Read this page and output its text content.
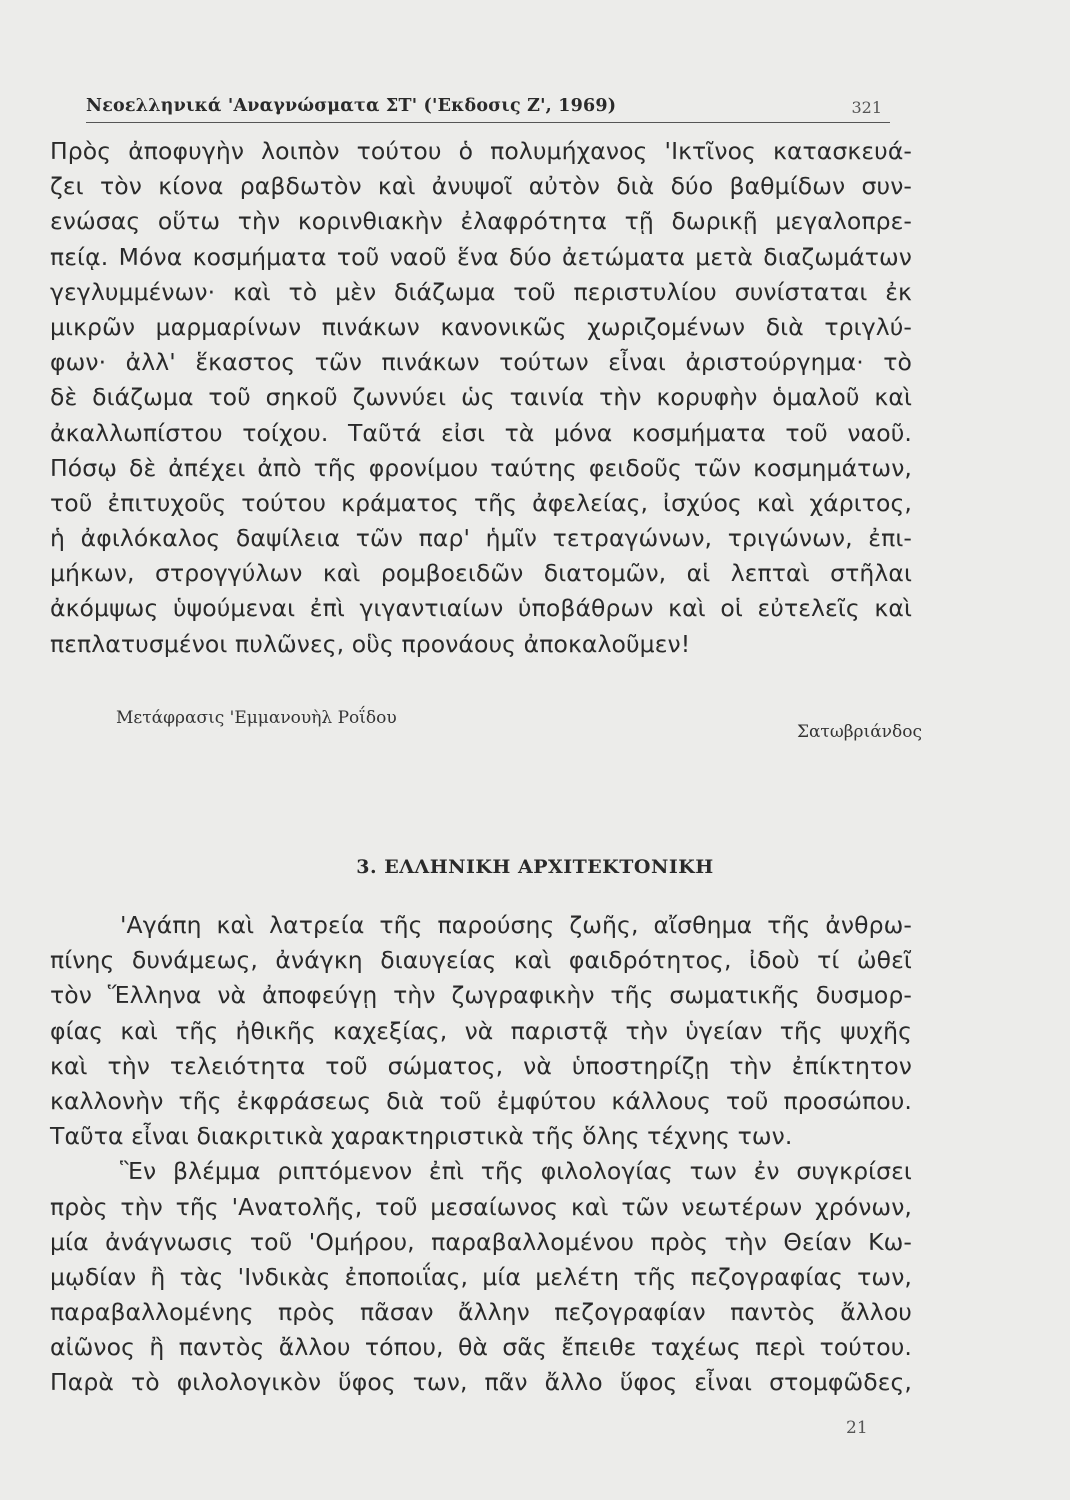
Νεοελληνικά 'Αναγνώσματα ΣΤ' ('Εκδοσις Ζ', 1969)	321
Πρὸς ἀποφυγὴν λοιπὸν τούτου ὁ πολυμήχανος 'Ικτῖνος κατασκευά-
ζει τὸν κίονα ραβδωτὸν καὶ ἀνυψοῖ αὐτὸν διὰ δύο βαθμίδων συν-
ενώσας οὕτω τὴν κορινθιακὴν ἐλαφρότητα τῇ δωρικῇ μεγαλοπρε-
πείᾳ. Μόνα κοσμήματα τοῦ ναοῦ ἕνα δύο ἀετώματα μετὰ διαζωμάτων
γεγλυμμένων· καὶ τὸ μὲν διάζωμα τοῦ περιστυλίου συνίσταται ἐκ
μικρῶν μαρμαρίνων πινάκων κανονικῶς χωριζομένων διὰ τριγλύ-
φων· ἀλλ' ἕκαστος τῶν πινάκων τούτων εἶναι ἀριστούργημα· τὸ
δὲ διάζωμα τοῦ σηκοῦ ζωννύει ὡς ταινία τὴν κορυφὴν ὁμαλοῦ καὶ
ἀκαλλωπίστου τοίχου. Ταῦτά εἰσι τὰ μόνα κοσμήματα τοῦ ναοῦ.
Πόσῳ δὲ ἀπέχει ἀπὸ τῆς φρονίμου ταύτης φειδοῦς τῶν κοσμημάτων,
τοῦ ἐπιτυχοῦς τούτου κράματος τῆς ἀφελείας, ἰσχύος καὶ χάριτος,
ἡ ἀφιλόκαλος δαψίλεια τῶν παρ' ἡμῖν τετραγώνων, τριγώνων, ἐπι-
μήκων, στρογγύλων καὶ ρομβοειδῶν διατομῶν, αἱ λεπταὶ στῆλαι
ἀκόμψως ὑψούμεναι ἐπὶ γιγαντιαίων ὑποβάθρων καὶ οἱ εὐτελεῖς καὶ
πεπλατυσμένοι πυλῶνες, οὓς προνάους ἀποκαλοῦμεν!
Μετάφρασις 'Εμμανουὴλ Ροΐδου
Σατωβριάνδος
3. ΕΛΛΗΝΙΚΗ ΑΡΧΙΤΕΚΤΟΝΙΚΗ
'Αγάπη καὶ λατρεία τῆς παρούσης ζωῆς, αἴσθημα τῆς ἀνθρω-
πίνης δυνάμεως, ἀνάγκη διαυγείας καὶ φαιδρότητος, ἰδοὺ τί ὠθεῖ
τὸν Ἕλληνα νὰ ἀποφεύγῃ τὴν ζωγραφικὴν τῆς σωματικῆς δυσμορ-
φίας καὶ τῆς ἠθικῆς καχεξίας, νὰ παριστᾷ τὴν ὑγείαν τῆς ψυχῆς
καὶ τὴν τελειότητα τοῦ σώματος, νὰ ὑποστηρίζῃ τὴν ἐπίκτητον
καλλονὴν τῆς ἐκφράσεως διὰ τοῦ ἐμφύτου κάλλους τοῦ προσώπου.
Ταῦτα εἶναι διακριτικὰ χαρακτηριστικὰ τῆς ὅλης τέχνης των.
Ἓν βλέμμα ριπτόμενον ἐπὶ τῆς φιλολογίας των ἐν συγκρίσει
πρὸς τὴν τῆς 'Ανατολῆς, τοῦ μεσαίωνος καὶ τῶν νεωτέρων χρόνων,
μία ἀνάγνωσις τοῦ 'Ομήρου, παραβαλλομένου πρὸς τὴν Θείαν Κω-
μῳδίαν ἢ τὰς 'Ινδικὰς ἐποποιΐας, μία μελέτη τῆς πεζογραφίας των,
παραβαλλομένης πρὸς πᾶσαν ἄλλην πεζογραφίαν παντὸς ἄλλου
αἰῶνος ἢ παντὸς ἄλλου τόπου, θὰ σᾶς ἔπειθε ταχέως περὶ τούτου.
Παρὰ τὸ φιλολογικὸν ὕφος των, πᾶν ἄλλο ὕφος εἶναι στομφῶδες,
21
